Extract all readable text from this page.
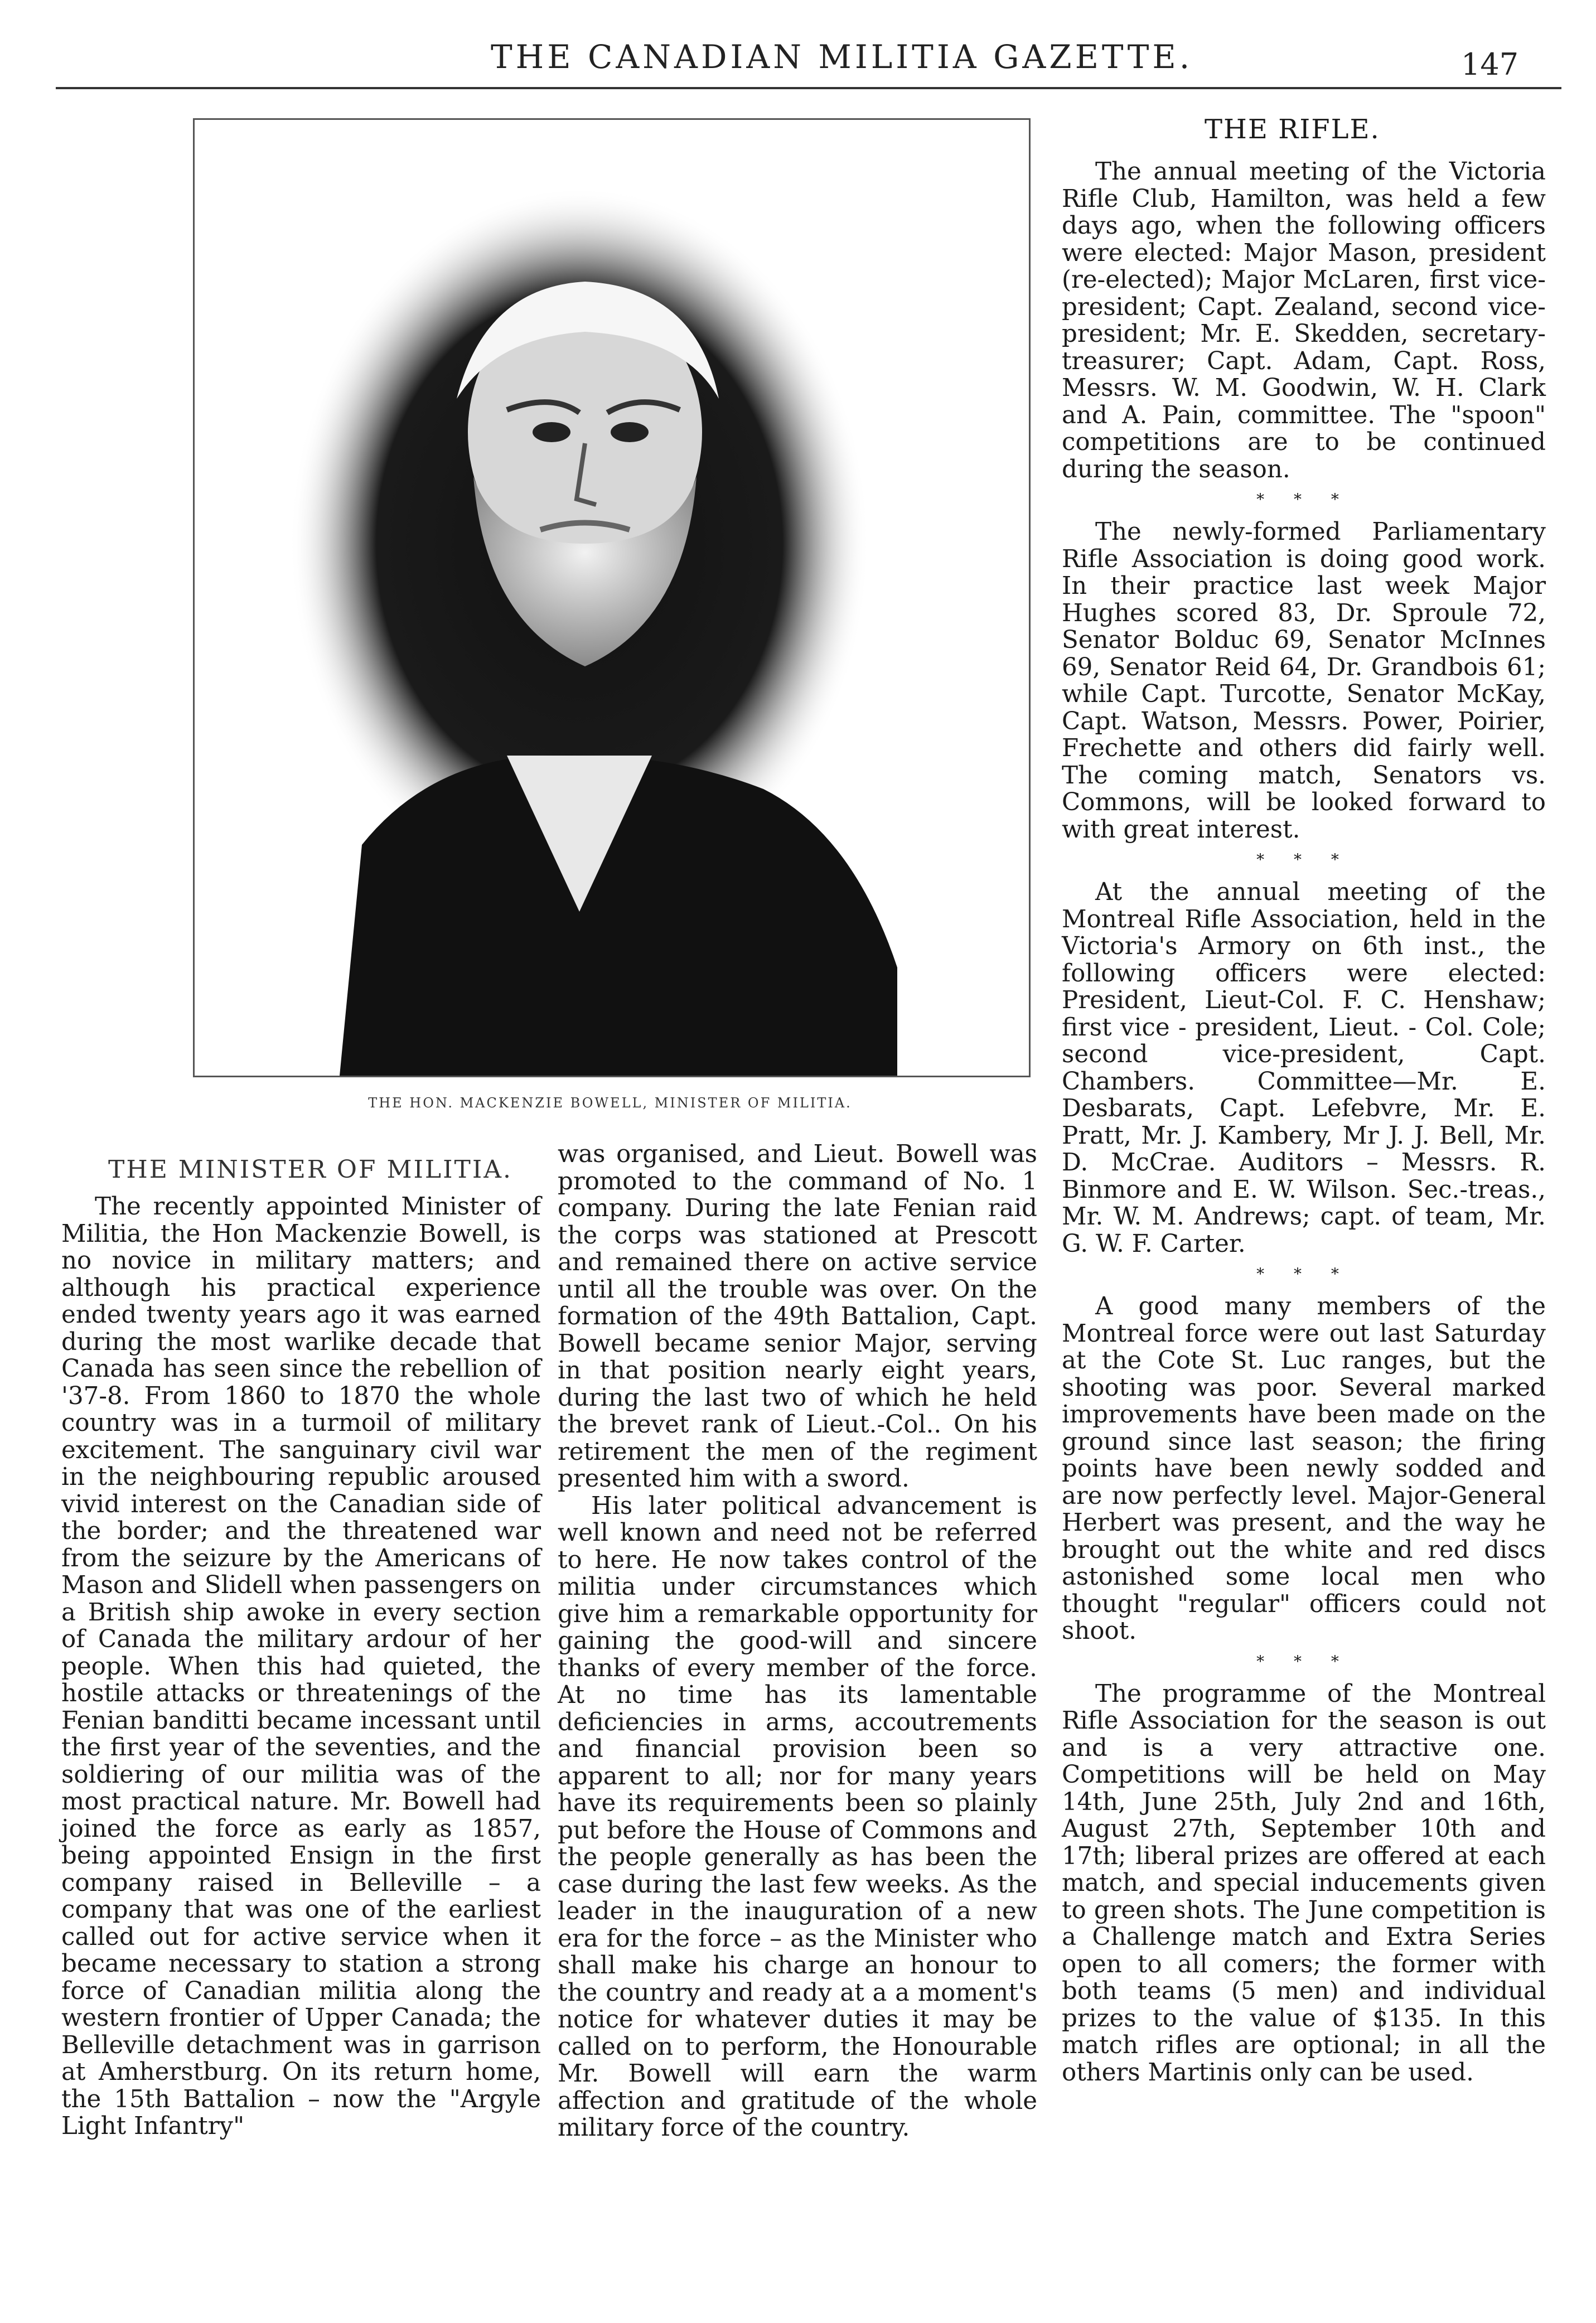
THE CANADIAN MILITIA GAZETTE.	147
THE HON. MACKENZIE BOWELL, MINISTER OF MILITIA.
THE MINISTER OF MILITIA.

The recently appointed Minister of Militia, the Hon Mackenzie Bowell, is no novice in military matters; and although his practical experience ended twenty years ago it was earned during the most warlike decade that Canada has seen since the rebellion of '37-8. From 1860 to 1870 the whole country was in a turmoil of military excitement. The sanguinary civil war in the neighbouring republic aroused vivid interest on the Canadian side of the border; and the threatened war from the seizure by the Americans of Mason and Slidell when passengers on a British ship awoke in every section of Canada the military ardour of her people. When this had quieted, the hostile attacks or threatenings of the Fenian banditti became incessant until the first year of the seventies, and the soldiering of our militia was of the most practical nature. Mr. Bowell had joined the force as early as 1857, being appointed Ensign in the first company raised in Belleville – a company that was one of the earliest called out for active service when it became necessary to station a strong force of Canadian militia along the western frontier of Upper Canada; the Belleville detachment was in garrison at Amherstburg. On its return home, the 15th Battalion – now the "Argyle Light Infantry"

was organised, and Lieut. Bowell was promoted to the command of No. 1 company. During the late Fenian raid the corps was stationed at Prescott and remained there on active service until all the trouble was over. On the formation of the 49th Battalion, Capt. Bowell became senior Major, serving in that position nearly eight years, during the last two of which he held the brevet rank of Lieut.-Col.. On his retirement the men of the regiment presented him with a sword.

His later political advancement is well known and need not be referred to here. He now takes control of the militia under circumstances which give him a remarkable opportunity for gaining the good-will and sincere thanks of every member of the force. At no time has its lamentable deficiencies in arms, accoutrements and financial provision been so apparent to all; nor for many years have its requirements been so plainly put before the House of Commons and the people generally as has been the case during the last few weeks. As the leader in the inauguration of a new era for the force – as the Minister who shall make his charge an honour to the country and ready at a a moment's notice for whatever duties it may be called on to perform, the Honourable Mr. Bowell will earn the warm affection and gratitude of the whole military force of the country.

THE RIFLE.

The annual meeting of the Victoria Rifle Club, Hamilton, was held a few days ago, when the following officers were elected: Major Mason, president (re-elected); Major McLaren, first vice-president; Capt. Zealand, second vice-president; Mr. E. Skedden, secretary-treasurer; Capt. Adam, Capt. Ross, Messrs. W. M. Goodwin, W. H. Clark and A. Pain, committee. The "spoon" competitions are to be continued during the season.

* * *

The newly-formed Parliamentary Rifle Association is doing good work. In their practice last week Major Hughes scored 83, Dr. Sproule 72, Senator Bolduc 69, Senator McInnes 69, Senator Reid 64, Dr. Grandbois 61; while Capt. Turcotte, Senator McKay, Capt. Watson, Messrs. Power, Poirier, Frechette and others did fairly well. The coming match, Senators vs. Commons, will be looked forward to with great interest.

* * *

At the annual meeting of the Montreal Rifle Association, held in the Victoria's Armory on 6th inst., the following officers were elected: President, Lieut-Col. F. C. Henshaw; first vice - president, Lieut. - Col. Cole; second vice-president, Capt. Chambers. Committee—Mr. E. Desbarats, Capt. Lefebvre, Mr. E. Pratt, Mr. J. Kambery, Mr J. J. Bell, Mr. D. McCrae. Auditors – Messrs. R. Binmore and E. W. Wilson. Sec.-treas., Mr. W. M. Andrews; capt. of team, Mr. G. W. F. Carter.

* * *

A good many members of the Montreal force were out last Saturday at the Cote St. Luc ranges, but the shooting was poor. Several marked improvements have been made on the ground since last season; the firing points have been newly sodded and are now perfectly level. Major-General Herbert was present, and the way he brought out the white and red discs astonished some local men who thought "regular" officers could not shoot.

* * *

The programme of the Montreal Rifle Association for the season is out and is a very attractive one. Competitions will be held on May 14th, June 25th, July 2nd and 16th, August 27th, September 10th and 17th; liberal prizes are offered at each match, and special inducements given to green shots. The June competition is a Challenge match and Extra Series open to all comers; the former with both teams (5 men) and individual prizes to the value of $135. In this match rifles are optional; in all the others Martinis only can be used.
